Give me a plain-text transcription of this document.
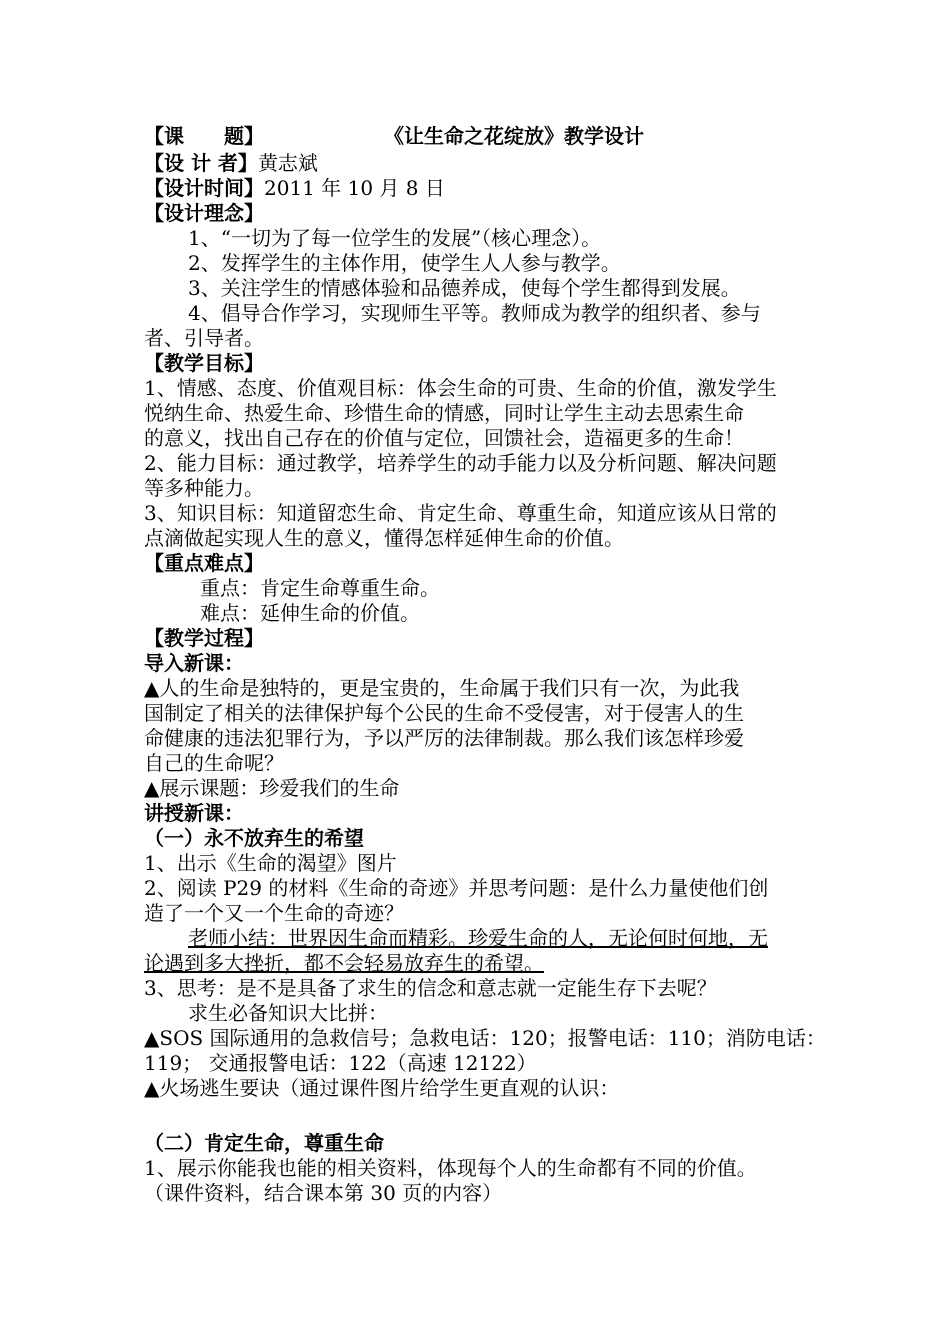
【课　　题】	《让生命之花绽放》教学设计
【设 计 者】黄志斌
【设计时间】2011 年 10 月 8 日
【设计理念】
1、“一切为了每一位学生的发展”（核心理念）。
2、发挥学生的主体作用，使学生人人参与教学。
3、关注学生的情感体验和品德养成，使每个学生都得到发展。
4、倡导合作学习，实现师生平等。教师成为教学的组织者、参与
者、引导者。
【教学目标】
1、情感、态度、价值观目标：体会生命的可贵、生命的价值，激发学生
悦纳生命、热爱生命、珍惜生命的情感，同时让学生主动去思索生命
的意义，找出自己存在的价值与定位，回馈社会，造福更多的生命！
2、能力目标：通过教学，培养学生的动手能力以及分析问题、解决问题
等多种能力。
3、知识目标：知道留恋生命、肯定生命、尊重生命，知道应该从日常的
点滴做起实现人生的意义，懂得怎样延伸生命的价值。
【重点难点】
重点：肯定生命尊重生命。
难点：延伸生命的价值。
【教学过程】
导入新课：
▲人的生命是独特的，更是宝贵的，生命属于我们只有一次，为此我
国制定了相关的法律保护每个公民的生命不受侵害，对于侵害人的生
命健康的违法犯罪行为，予以严厉的法律制裁。那么我们该怎样珍爱
自己的生命呢？
▲展示课题：珍爱我们的生命
讲授新课：
（一）永不放弃生的希望
1、出示《生命的渴望》图片
2、阅读 P29 的材料《生命的奇迹》并思考问题：是什么力量使他们创
造了一个又一个生命的奇迹？
老师小结：世界因生命而精彩。珍爱生命的人，无论何时何地，无
论遇到多大挫折，都不会轻易放弃生的希望。
3、思考：是不是具备了求生的信念和意志就一定能生存下去呢？
求生必备知识大比拼：
▲SOS 国际通用的急救信号；急救电话：120；报警电话：110；消防电话：
119； 交通报警电话：122（高速 12122）
▲火场逃生要诀（通过课件图片给学生更直观的认识：
（二）肯定生命，尊重生命
1、展示你能我也能的相关资料，体现每个人的生命都有不同的价值。
（课件资料，结合课本第 30 页的内容）
